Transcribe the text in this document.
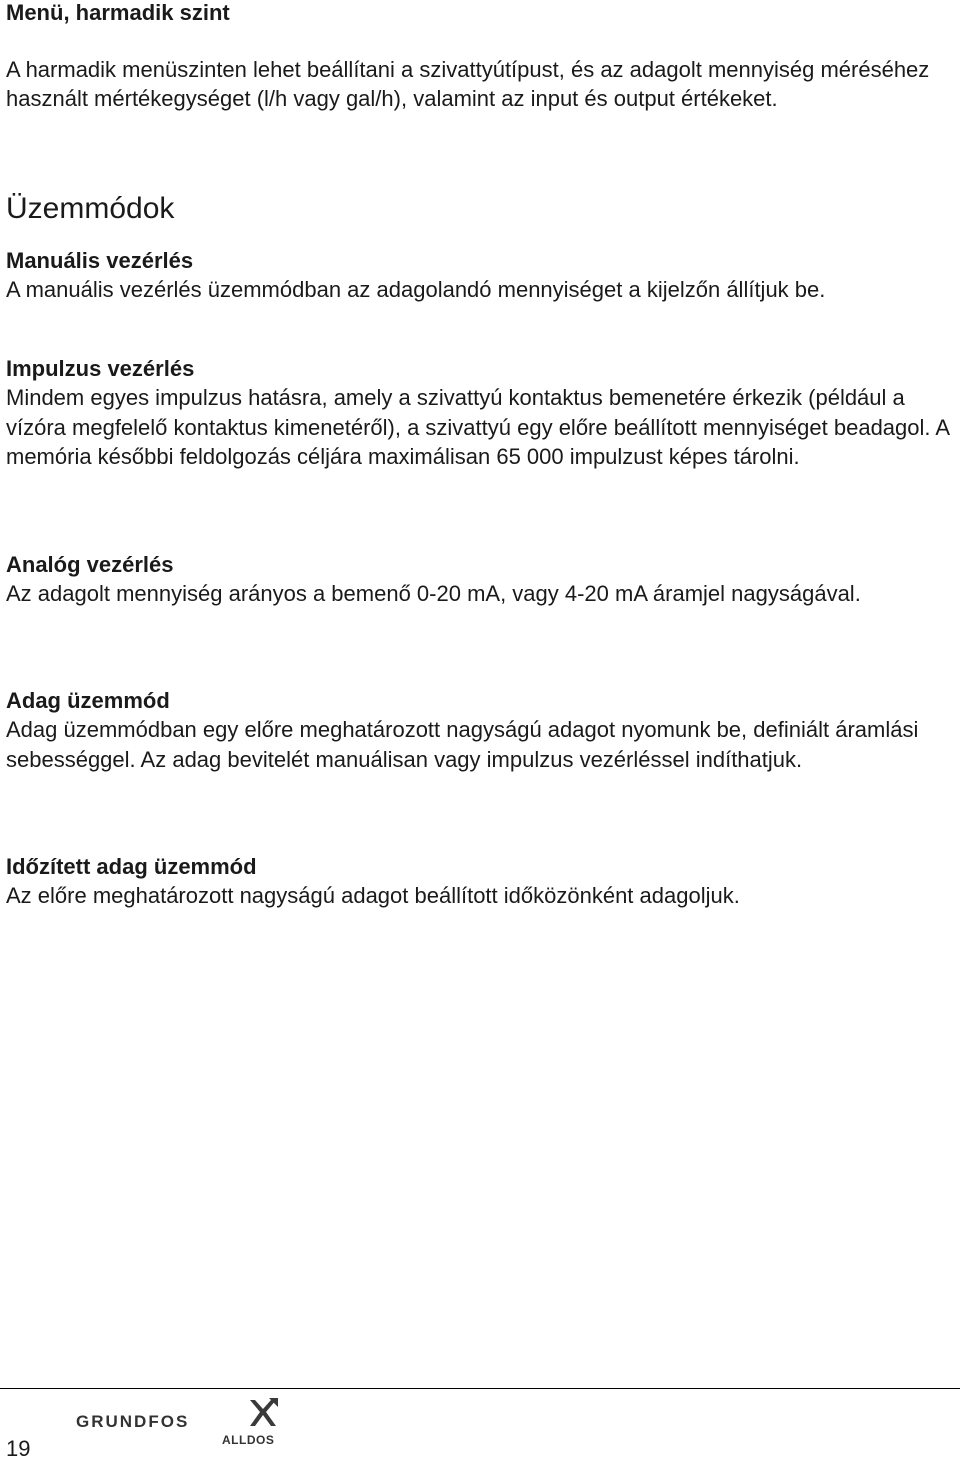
Menü, harmadik szint

A harmadik menüszinten lehet beállítani a szivattyútípust, és az adagolt mennyiség méréséhez használt mértékegységet (l/h vagy gal/h), valamint az input és output értékeket.

Üzemmódok
Manuális vezérlés
A manuális vezérlés üzemmódban az adagolandó mennyiséget a kijelzőn állítjuk be.
Impulzus vezérlés
Mindem egyes impulzus hatásra, amely a szivattyú kontaktus bemenetére érkezik (például a vízóra megfelelő kontaktus kimenetéről), a szivattyú egy előre beállított mennyiséget beadagol. A memória későbbi feldolgozás céljára maximálisan 65 000 impulzust képes tárolni.
Analóg vezérlés
Az adagolt mennyiség arányos a bemenő 0-20 mA, vagy 4-20 mA áramjel nagyságával.
Adag üzemmód
Adag üzemmódban egy előre meghatározott nagyságú adagot nyomunk be, definiált áramlási sebességgel. Az adag bevitelét manuálisan vagy impulzus vezérléssel indíthatjuk.
Időzített adag üzemmód
Az előre meghatározott nagyságú adagot beállított időközönként adagoljuk.
19
GRUNDFOS
ALLDOS
